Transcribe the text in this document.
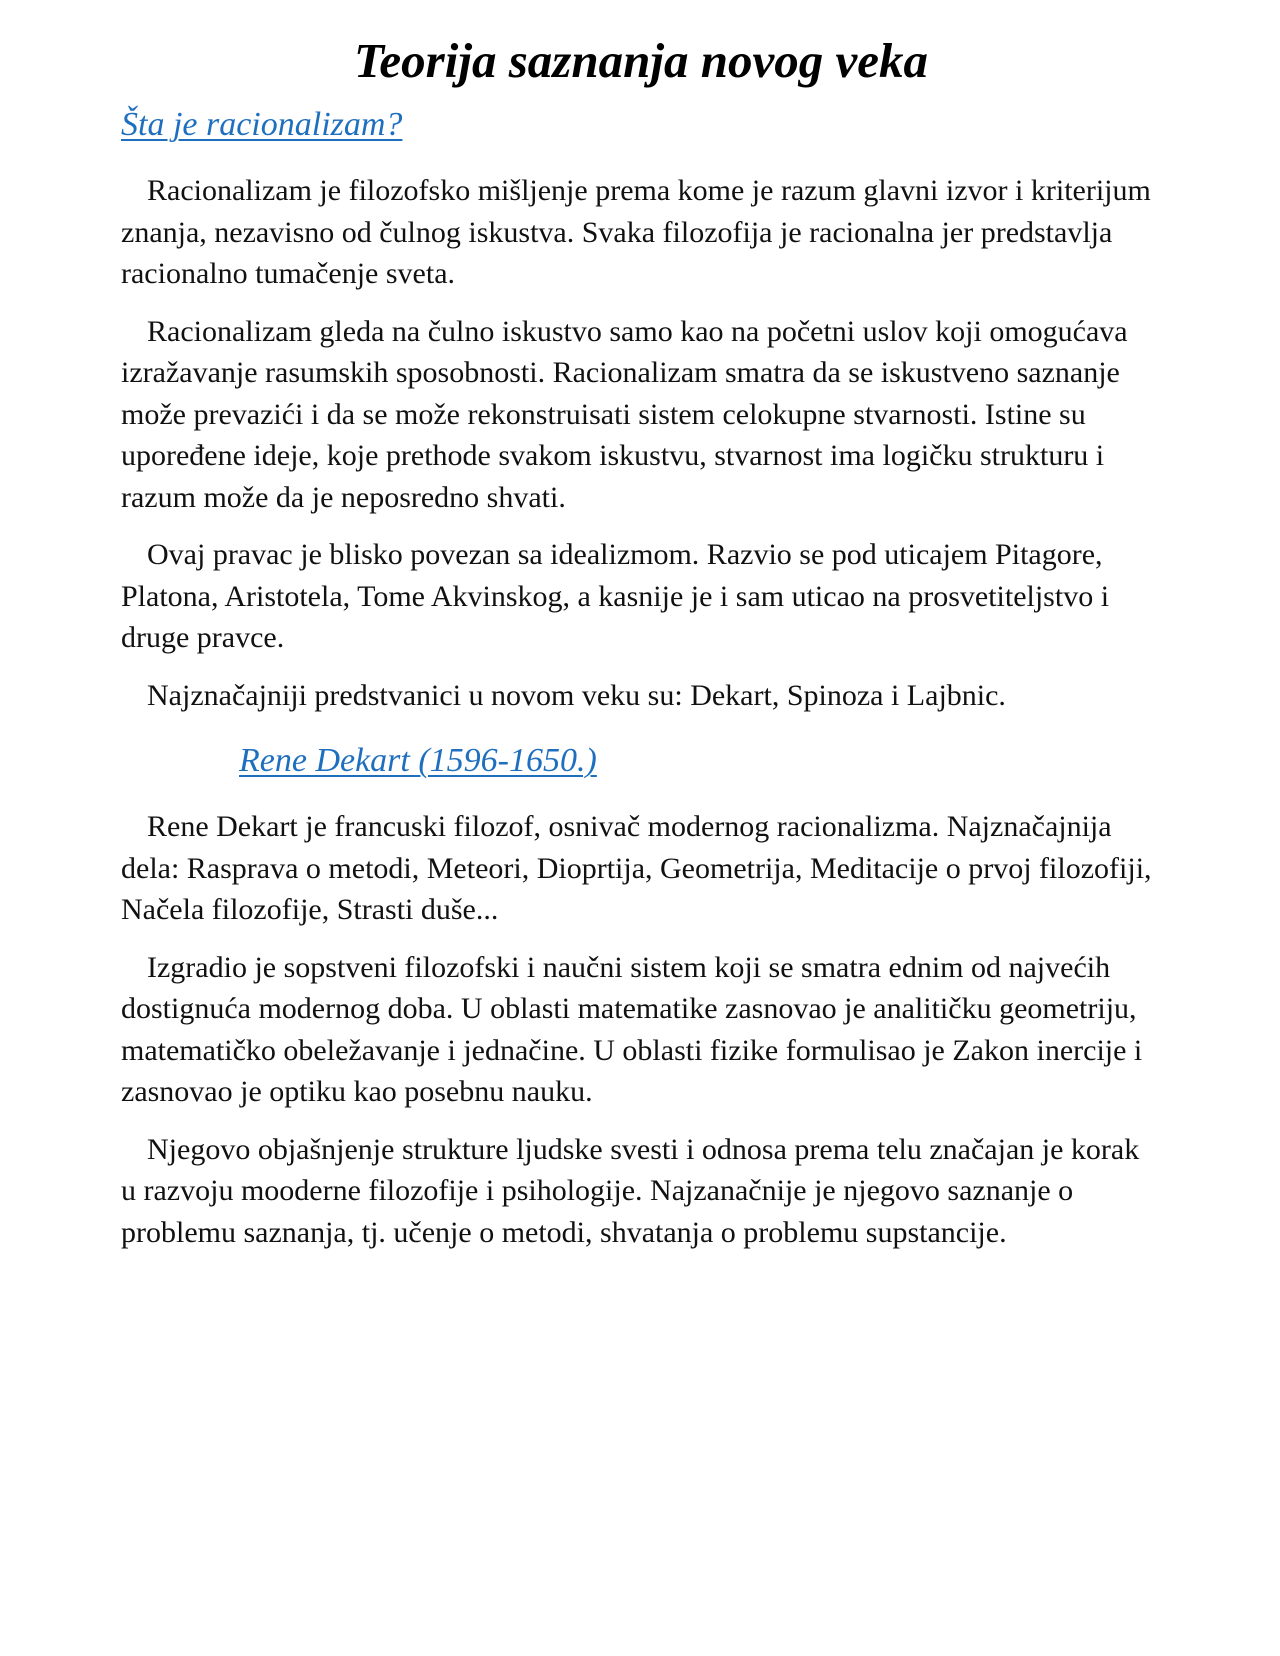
Teorija saznanja novog veka
Šta je racionalizam?

Racionalizam je filozofsko mišljenje prema kome je razum glavni izvor i kriterijum znanja, nezavisno od čulnog iskustva. Svaka filozofija je racionalna jer predstavlja racionalno tumačenje sveta.

Racionalizam gleda na čulno iskustvo samo kao na početni uslov koji omogućava izražavanje rasumskih sposobnosti. Racionalizam smatra da se iskustveno saznanje može prevazići i da se može rekonstruisati sistem celokupne stvarnosti. Istine su upoređene ideje, koje prethode svakom iskustvu, stvarnost ima logičku strukturu i razum može da je neposredno shvati.

Ovaj pravac je blisko povezan sa idealizmom. Razvio se pod uticajem Pitagore, Platona, Aristotela, Tome Akvinskog, a kasnije je i sam uticao na prosvetiteljstvo i druge pravce.

Najznačajniji predstvanici u novom veku su: Dekart, Spinoza i Lajbnic.

Rene Dekart (1596-1650.)

Rene Dekart je francuski filozof, osnivač modernog racionalizma. Najznačajnija dela: Rasprava o metodi, Meteori, Dioprtija, Geometrija, Meditacije o prvoj filozofiji, Načela filozofije, Strasti duše...

Izgradio je sopstveni filozofski i naučni sistem koji se smatra ednim od najvećih dostignuća modernog doba. U oblasti matematike zasnovao je analitičku geometriju, matematičko obeležavanje i jednačine. U oblasti fizike formulisao je Zakon inercije i zasnovao je optiku kao posebnu nauku.

Njegovo objašnjenje strukture ljudske svesti i odnosa prema telu značajan je korak u razvoju mooderne filozofije i psihologije. Najzanačnije je njegovo saznanje o problemu saznanja, tj. učenje o metodi, shvatanja o problemu supstancije.
